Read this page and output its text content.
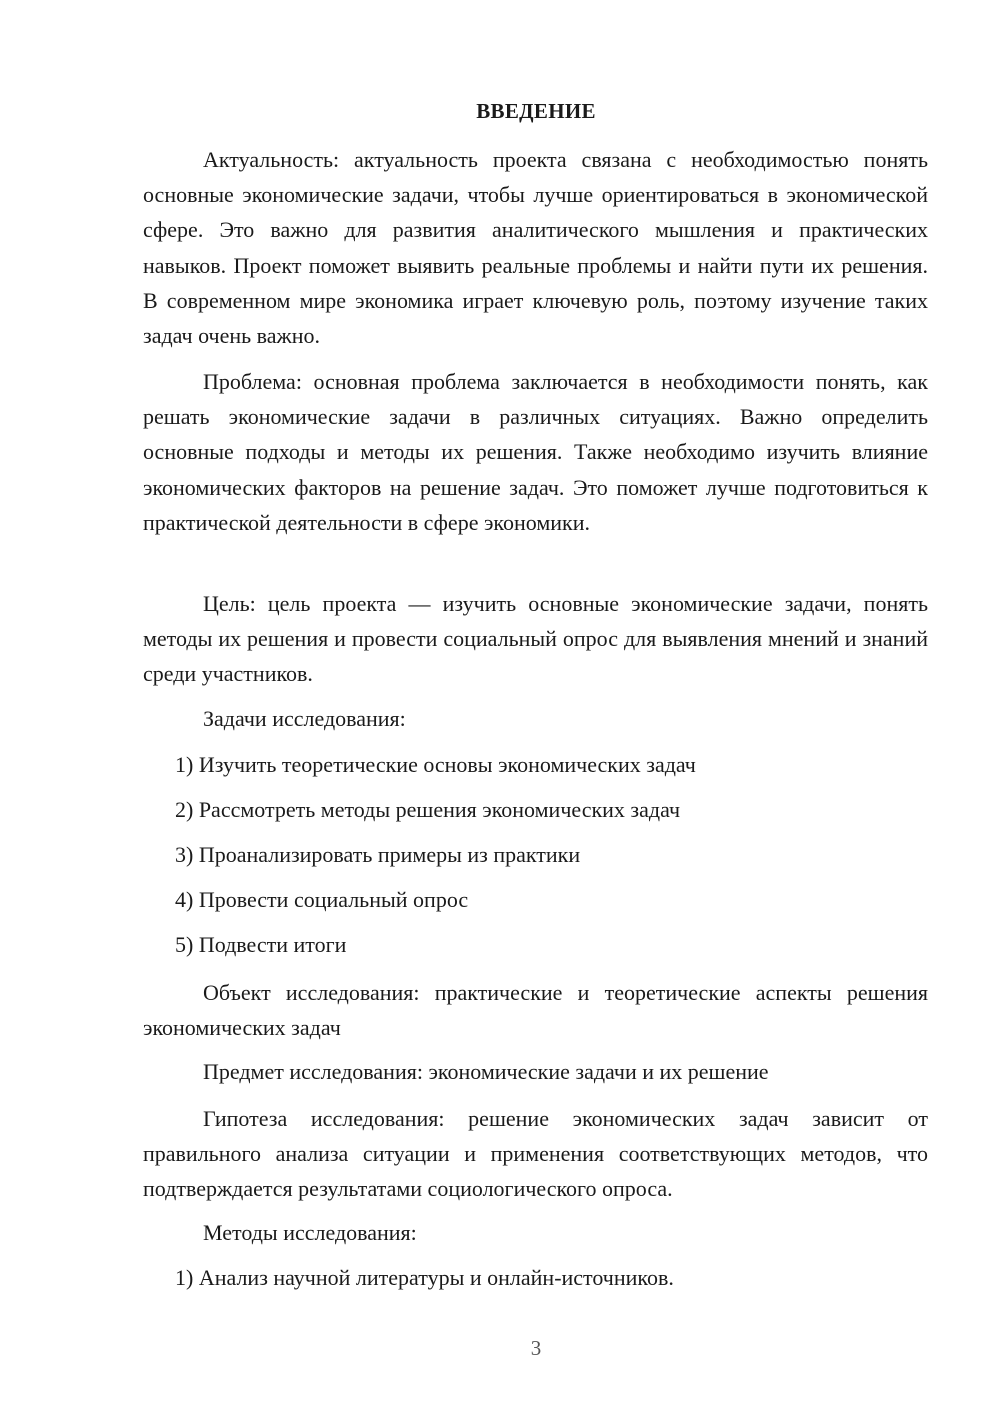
ВВЕДЕНИЕ

Актуальность: актуальность проекта связана с необходимостью понять основные экономические задачи, чтобы лучше ориентироваться в экономической сфере. Это важно для развития аналитического мышления и практических навыков. Проект поможет выявить реальные проблемы и найти пути их решения. В современном мире экономика играет ключевую роль, поэтому изучение таких задач очень важно.

Проблема: основная проблема заключается в необходимости понять, как решать экономические задачи в различных ситуациях. Важно определить основные подходы и методы их решения. Также необходимо изучить влияние экономических факторов на решение задач. Это поможет лучше подготовиться к практической деятельности в сфере экономики.

Цель: цель проекта — изучить основные экономические задачи, понять методы их решения и провести социальный опрос для выявления мнений и знаний среди участников.

Задачи исследования:

1) Изучить теоретические основы экономических задач

2) Рассмотреть методы решения экономических задач

3) Проанализировать примеры из практики

4) Провести социальный опрос

5) Подвести итоги

Объект исследования: практические и теоретические аспекты решения экономических задач

Предмет исследования: экономические задачи и их решение

Гипотеза исследования: решение экономических задач зависит от правильного анализа ситуации и применения соответствующих методов, что подтверждается результатами социологического опроса.

Методы исследования:

1) Анализ научной литературы и онлайн-источников.

3
